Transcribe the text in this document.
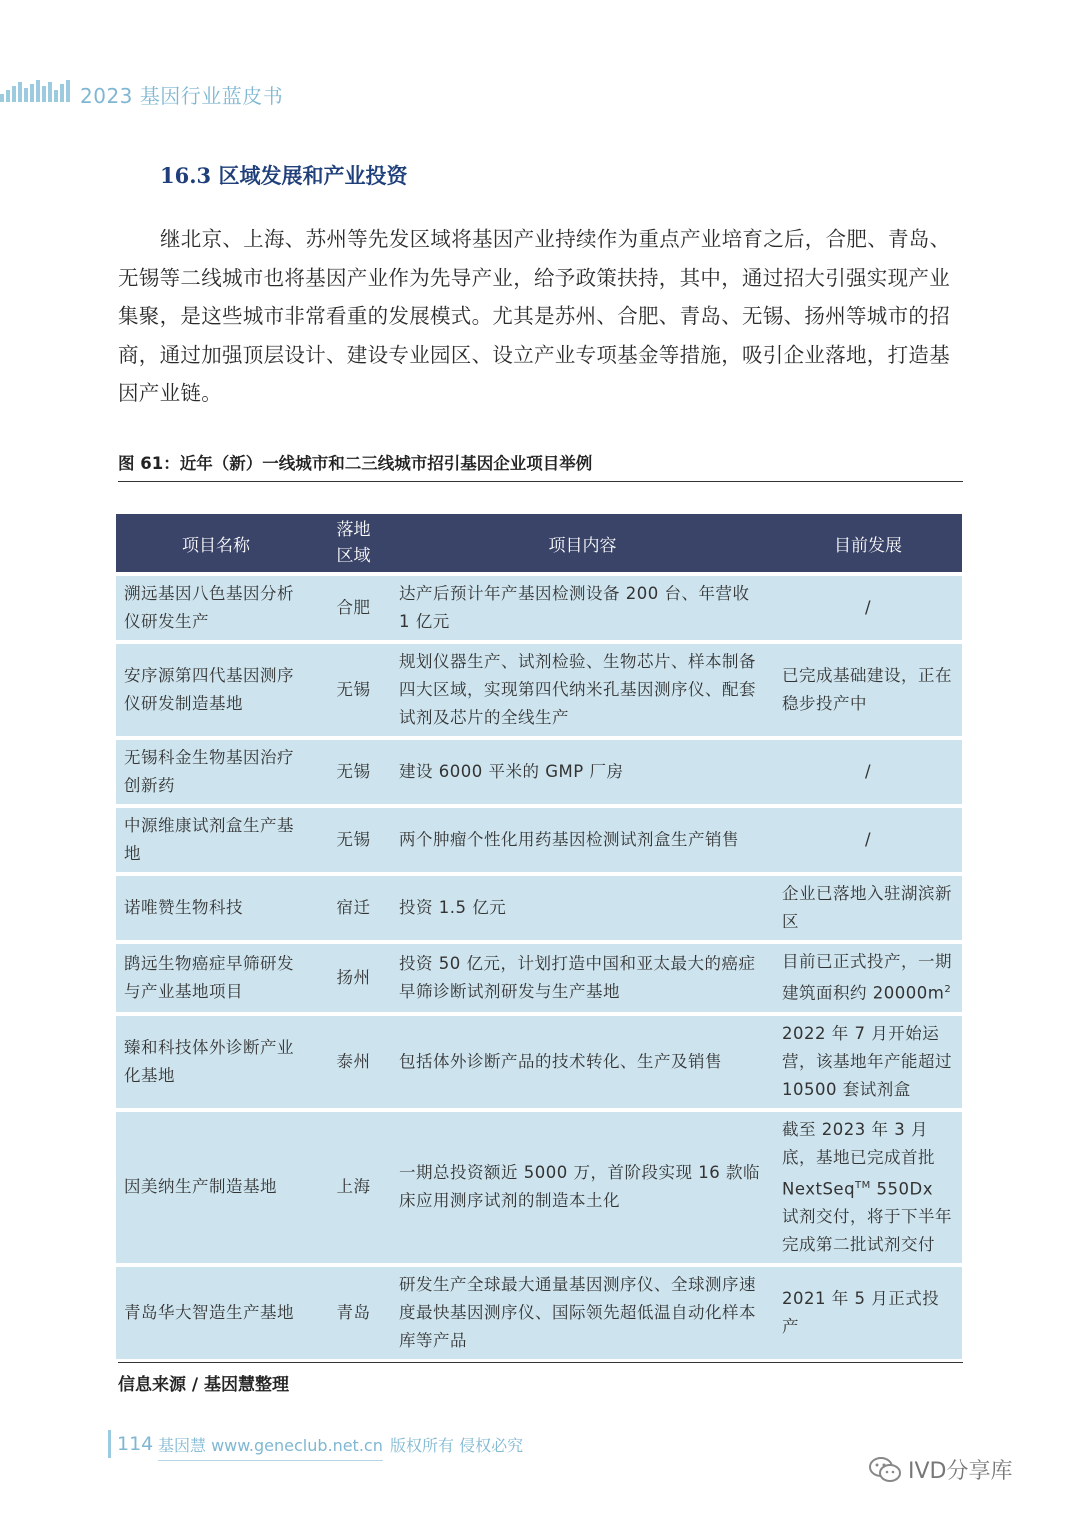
2023 基因行业蓝皮书
16.3 区域发展和产业投资

继北京、上海、苏州等先发区域将基因产业持续作为重点产业培育之后，合肥、青岛、无锡等二线城市也将基因产业作为先导产业，给予政策扶持，其中，通过招大引强实现产业集聚，是这些城市非常看重的发展模式。尤其是苏州、合肥、青岛、无锡、扬州等城市的招商，通过加强顶层设计、建设专业园区、设立产业专项基金等措施，吸引企业落地，打造基因产业链。

图 61：近年（新）一线城市和二三线城市招引基因企业项目举例
项目名称	落地区域	项目内容	目前发展
溯远基因八色基因分析仪研发生产	合肥	达产后预计年产基因检测设备 200 台、年营收 1 亿元	/
安序源第四代基因测序仪研发制造基地	无锡	规划仪器生产、试剂检验、生物芯片、样本制备四大区域，实现第四代纳米孔基因测序仪、配套试剂及芯片的全线生产	已完成基础建设，正在稳步投产中
无锡科金生物基因治疗创新药	无锡	建设 6000 平米的 GMP 厂房	/
中源维康试剂盒生产基地	无锡	两个肿瘤个性化用药基因检测试剂盒生产销售	/
诺唯赞生物科技	宿迁	投资 1.5 亿元	企业已落地入驻湖滨新区
鹍远生物癌症早筛研发与产业基地项目	扬州	投资 50 亿元，计划打造中国和亚太最大的癌症早筛诊断试剂研发与生产基地	目前已正式投产，一期建筑面积约 $20000m^2$
臻和科技体外诊断产业化基地	泰州	包括体外诊断产品的技术转化、生产及销售	2022 年 7 月开始运营，该基地年产能超过 10500 套试剂盒
因美纳生产制造基地	上海	一期总投资额近 5000 万，首阶段实现 16 款临床应用测序试剂的制造本土化	截至 2023 年 3 月底，基地已完成首批 NextSeq™ 550Dx 试剂交付，将于下半年完成第二批试剂交付
青岛华大智造生产基地	青岛	研发生产全球最大通量基因测序仪、全球测序速度最快基因测序仪、国际领先超低温自动化样本库等产品	2021 年 5 月正式投产
信息来源 / 基因慧整理
114 基因慧 www.geneclub.net.cn 版权所有 侵权必究
IVD分享库
